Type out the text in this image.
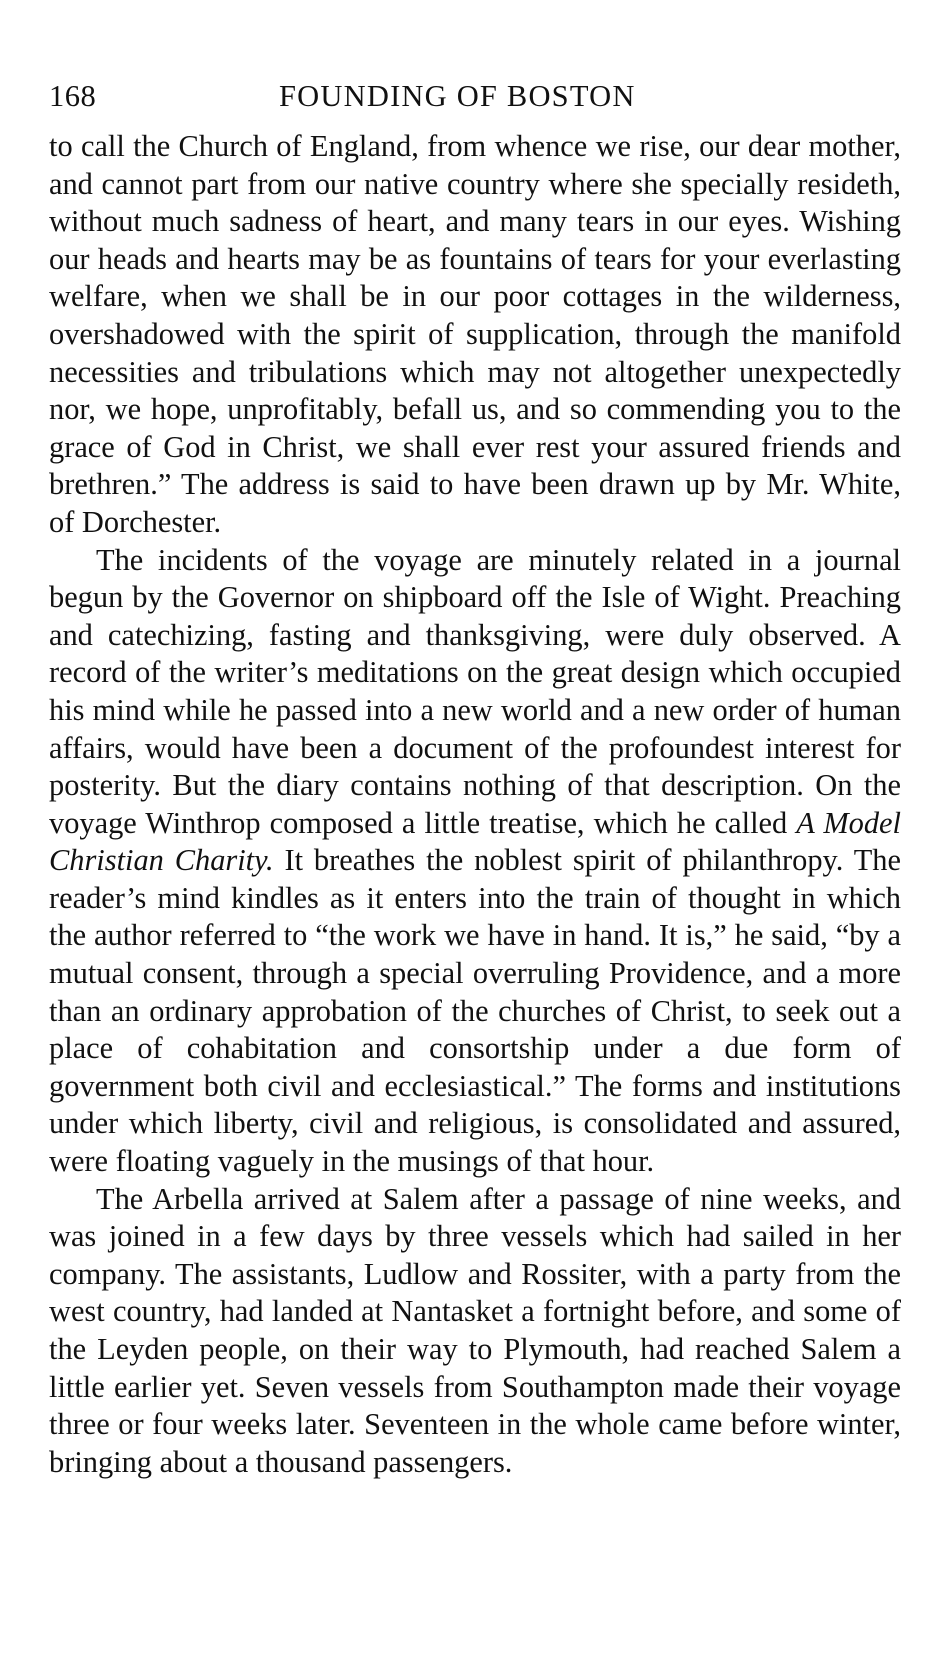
168	FOUNDING OF BOSTON

to call the Church of England, from whence we rise, our dear mother, and cannot part from our native country where she specially resideth, without much sadness of heart, and many tears in our eyes. Wishing our heads and hearts may be as fountains of tears for your everlasting welfare, when we shall be in our poor cottages in the wilderness, overshadowed with the spirit of supplication, through the manifold necessities and tribulations which may not altogether unexpectedly nor, we hope, unprofitably, befall us, and so commending you to the grace of God in Christ, we shall ever rest your assured friends and brethren.” The address is said to have been drawn up by Mr. White, of Dorchester.

The incidents of the voyage are minutely related in a journal begun by the Governor on shipboard off the Isle of Wight. Preaching and catechizing, fasting and thanksgiving, were duly observed. A record of the writer’s meditations on the great design which occupied his mind while he passed into a new world and a new order of human affairs, would have been a document of the profoundest interest for posterity. But the diary contains nothing of that description. On the voyage Winthrop composed a little treatise, which he called A Model Christian Charity. It breathes the noblest spirit of philanthropy. The reader’s mind kindles as it enters into the train of thought in which the author referred to “the work we have in hand. It is,” he said, “by a mutual consent, through a special overruling Providence, and a more than an ordinary approbation of the churches of Christ, to seek out a place of cohabitation and consortship under a due form of government both civil and ecclesiastical.” The forms and institutions under which liberty, civil and religious, is consolidated and assured, were floating vaguely in the musings of that hour.

The Arbella arrived at Salem after a passage of nine weeks, and was joined in a few days by three vessels which had sailed in her company. The assistants, Ludlow and Rossiter, with a party from the west country, had landed at Nantasket a fortnight before, and some of the Leyden people, on their way to Plymouth, had reached Salem a little earlier yet. Seven vessels from Southampton made their voyage three or four weeks later. Seventeen in the whole came before winter, bringing about a thousand passengers.
